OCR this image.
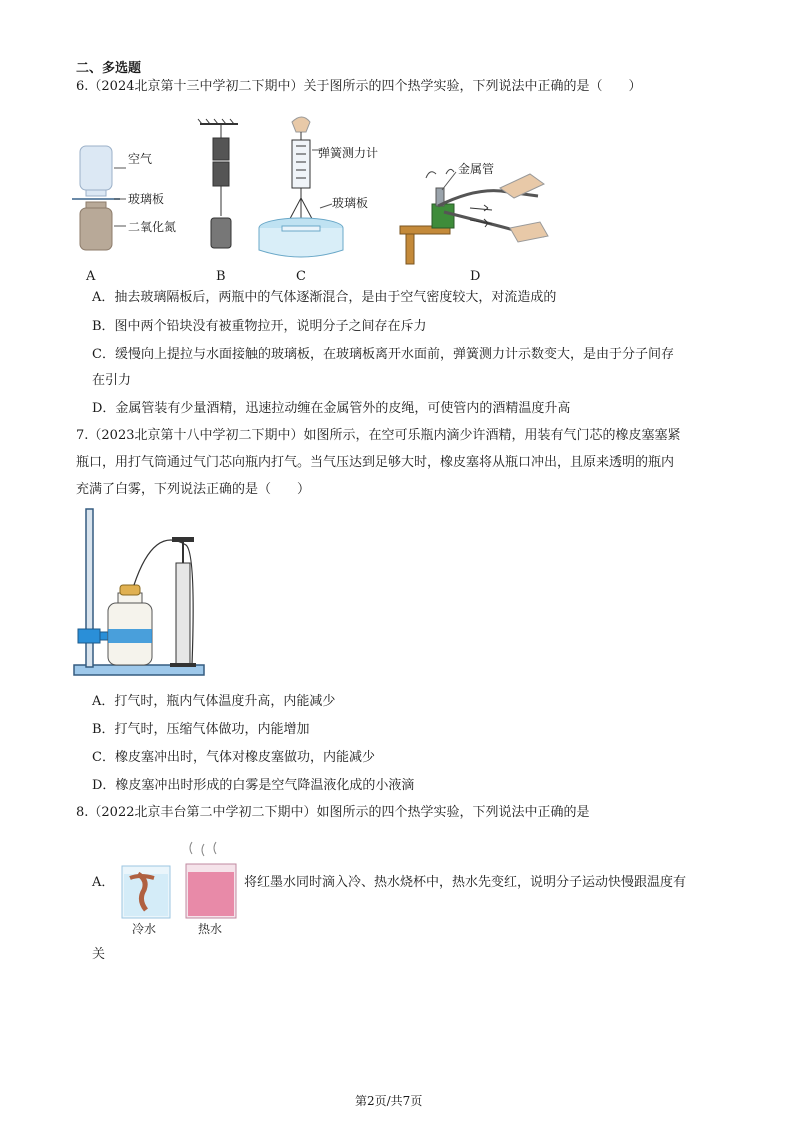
二、多选题
6.（2024北京第十三中学初二下期中）关于图所示的四个热学实验，下列说法中正确的是（　　）
空气
玻璃板
二氧化氮
弹簧测力计
玻璃板
金属管
A	B	C	D
A．抽去玻璃隔板后，两瓶中的气体逐渐混合，是由于空气密度较大，对流造成的
B．图中两个铅块没有被重物拉开，说明分子之间存在斥力
C．缓慢向上提拉与水面接触的玻璃板，在玻璃板离开水面前，弹簧测力计示数变大，是由于分子间存
在引力
D．金属管装有少量酒精，迅速拉动缠在金属管外的皮绳，可使管内的酒精温度升高
7.（2023北京第十八中学初二下期中）如图所示，在空可乐瓶内滴少许酒精，用装有气门芯的橡皮塞塞紧
瓶口，用打气筒通过气门芯向瓶内打气。当气压达到足够大时，橡皮塞将从瓶口冲出，且原来透明的瓶内
充满了白雾，下列说法正确的是（　　）
A．打气时，瓶内气体温度升高，内能减少
B．打气时，压缩气体做功，内能增加
C．橡皮塞冲出时，气体对橡皮塞做功，内能减少
D．橡皮塞冲出时形成的白雾是空气降温液化成的小液滴
8.（2022北京丰台第二中学初二下期中）如图所示的四个热学实验，下列说法中正确的是
A．
冷水	热水
将红墨水同时滴入冷、热水烧杯中，热水先变红，说明分子运动快慢跟温度有
关
第2页/共7页
